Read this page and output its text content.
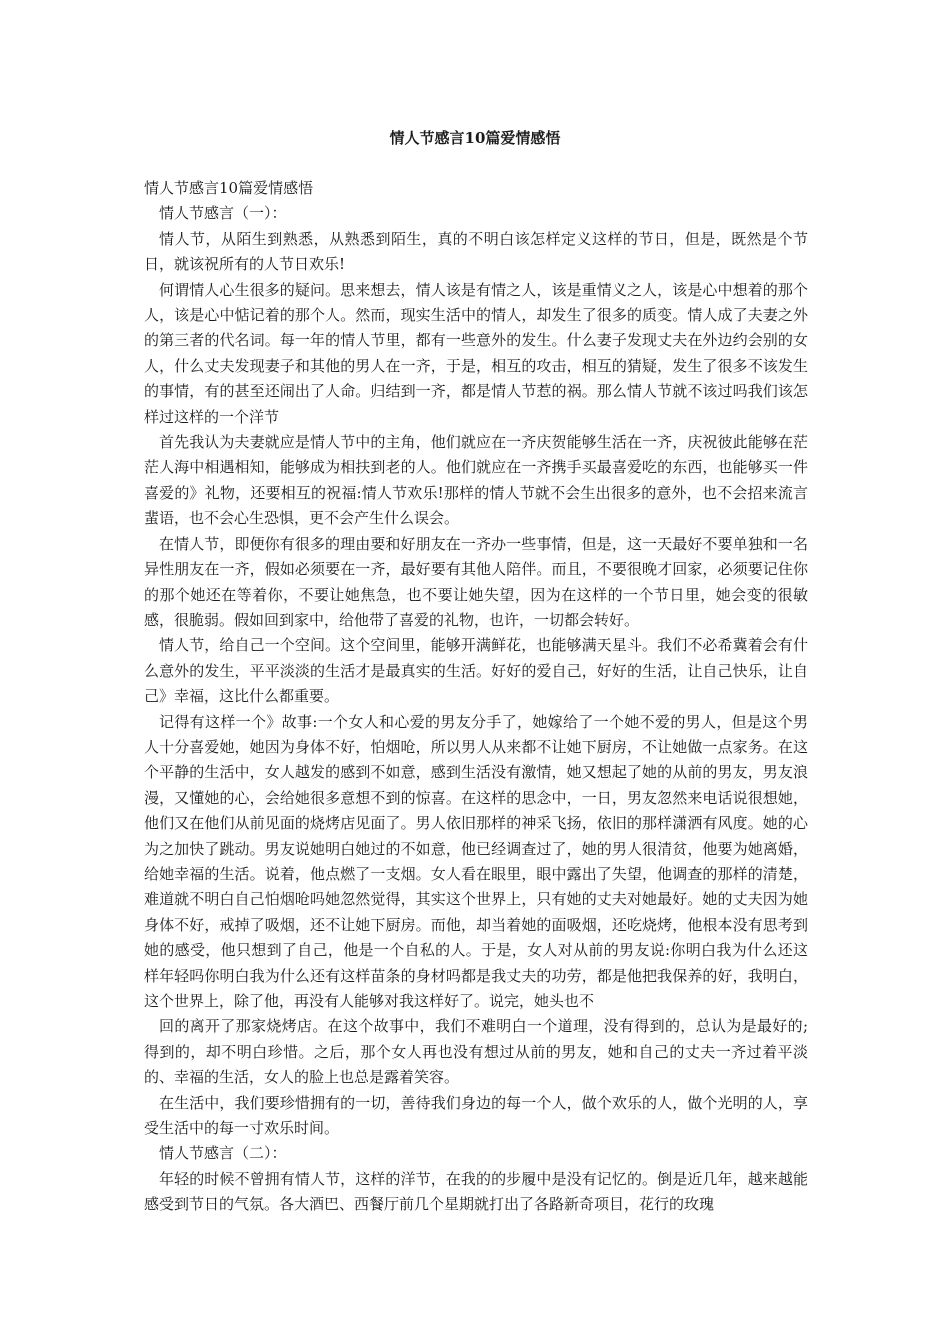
情人节感言10篇爱情感悟

情人节感言10篇爱情感悟

情人节感言（一）：

情人节，从陌生到熟悉，从熟悉到陌生，真的不明白该怎样定义这样的节日，但是，既然是个节日，就该祝所有的人节日欢乐!

何谓情人心生很多的疑问。思来想去，情人该是有情之人，该是重情义之人，该是心中想着的那个人，该是心中惦记着的那个人。然而，现实生活中的情人，却发生了很多的质变。情人成了夫妻之外的第三者的代名词。每一年的情人节里，都有一些意外的发生。什么妻子发现丈夫在外边约会别的女人，什么丈夫发现妻子和其他的男人在一齐，于是，相互的攻击，相互的猜疑，发生了很多不该发生的事情，有的甚至还闹出了人命。归结到一齐，都是情人节惹的祸。那么情人节就不该过吗我们该怎样过这样的一个洋节

首先我认为夫妻就应是情人节中的主角，他们就应在一齐庆贺能够生活在一齐，庆祝彼此能够在茫茫人海中相遇相知，能够成为相扶到老的人。他们就应在一齐携手买最喜爱吃的东西，也能够买一件喜爱的》礼物，还要相互的祝福:情人节欢乐!那样的情人节就不会生出很多的意外，也不会招来流言蜚语，也不会心生恐惧，更不会产生什么误会。

在情人节，即便你有很多的理由要和好朋友在一齐办一些事情，但是，这一天最好不要单独和一名异性朋友在一齐，假如必须要在一齐，最好要有其他人陪伴。而且，不要很晚才回家，必须要记住你的那个她还在等着你，不要让她焦急，也不要让她失望，因为在这样的一个节日里，她会变的很敏感，很脆弱。假如回到家中，给他带了喜爱的礼物，也许，一切都会转好。

情人节，给自己一个空间。这个空间里，能够开满鲜花，也能够满天星斗。我们不必希冀着会有什么意外的发生，平平淡淡的生活才是最真实的生活。好好的爱自己，好好的生活，让自己快乐，让自己》幸福，这比什么都重要。

记得有这样一个》故事:一个女人和心爱的男友分手了，她嫁给了一个她不爱的男人，但是这个男人十分喜爱她，她因为身体不好，怕烟呛，所以男人从来都不让她下厨房，不让她做一点家务。在这个平静的生活中，女人越发的感到不如意，感到生活没有激情，她又想起了她的从前的男友，男友浪漫，又懂她的心，会给她很多意想不到的惊喜。在这样的思念中，一日，男友忽然来电话说很想她，他们又在他们从前见面的烧烤店见面了。男人依旧那样的神采飞扬，依旧的那样潇洒有风度。她的心为之加快了跳动。男友说她明白她过的不如意，他已经调查过了，她的男人很清贫，他要为她离婚，给她幸福的生活。说着，他点燃了一支烟。女人看在眼里，眼中露出了失望，他调查的那样的清楚，难道就不明白自己怕烟呛吗她忽然觉得，其实这个世界上，只有她的丈夫对她最好。她的丈夫因为她身体不好，戒掉了吸烟，还不让她下厨房。而他，却当着她的面吸烟，还吃烧烤，他根本没有思考到她的感受，他只想到了自己，他是一个自私的人。于是，女人对从前的男友说:你明白我为什么还这样年轻吗你明白我为什么还有这样苗条的身材吗都是我丈夫的功劳，都是他把我保养的好，我明白，这个世界上，除了他，再没有人能够对我这样好了。说完，她头也不

回的离开了那家烧烤店。在这个故事中，我们不难明白一个道理，没有得到的，总认为是最好的;得到的，却不明白珍惜。之后，那个女人再也没有想过从前的男友，她和自己的丈夫一齐过着平淡的、幸福的生活，女人的脸上也总是露着笑容。

在生活中，我们要珍惜拥有的一切，善待我们身边的每一个人，做个欢乐的人，做个光明的人，享受生活中的每一寸欢乐时间。

情人节感言（二）：

年轻的时候不曾拥有情人节，这样的洋节，在我的的步履中是没有记忆的。倒是近几年，越来越能感受到节日的气氛。各大酒巴、西餐厅前几个星期就打出了各路新奇项目，花行的玫瑰
